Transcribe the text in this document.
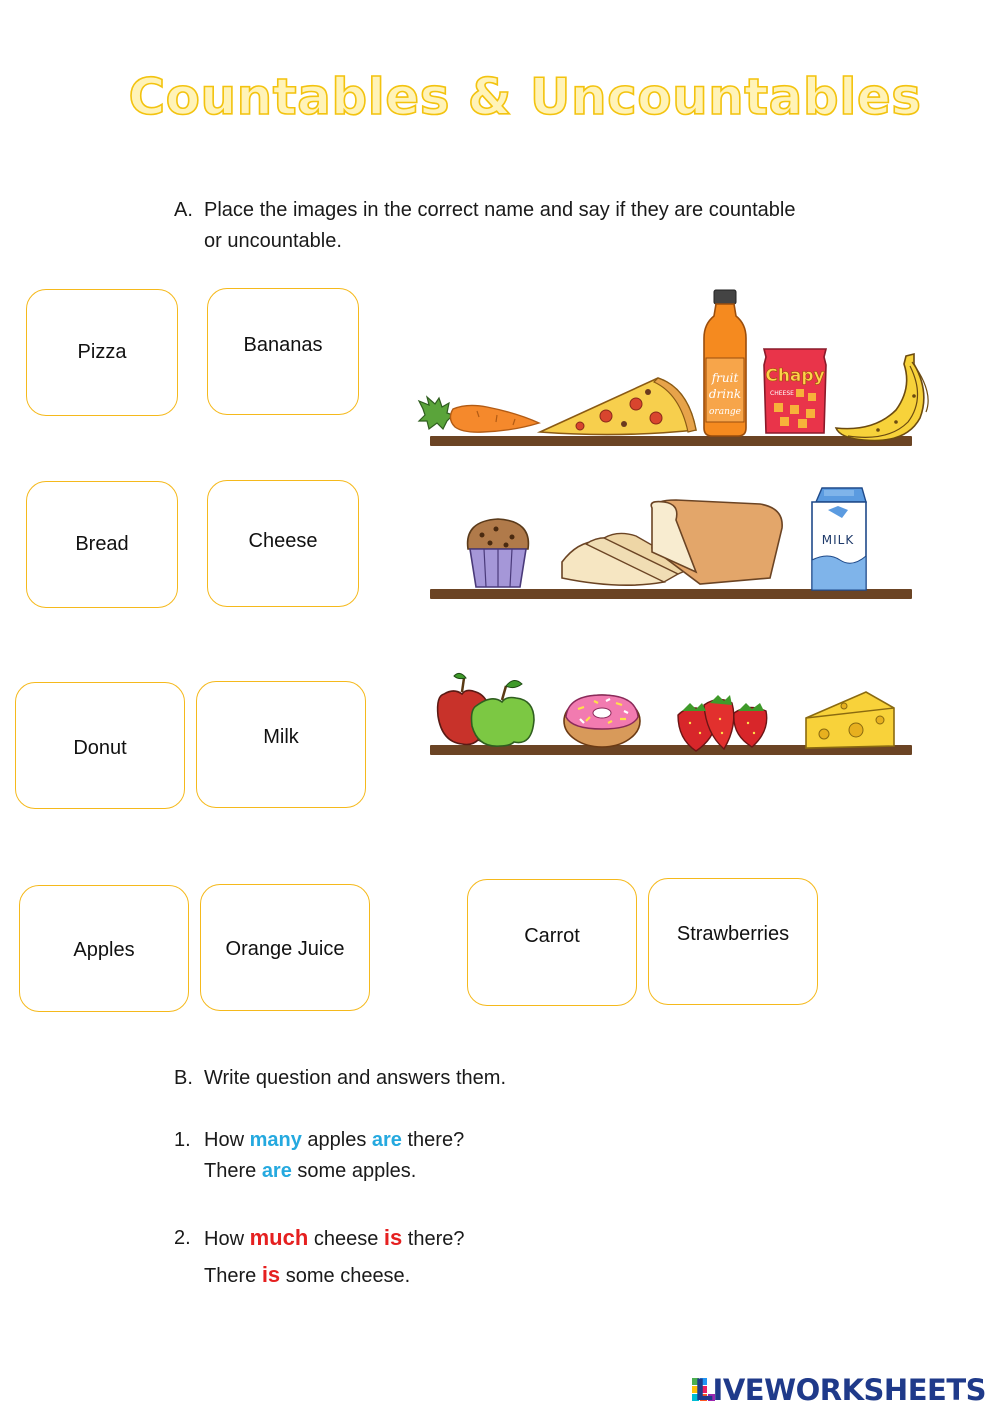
Countables & Uncountables
A. Place the images in the correct name and say if they are countable
or uncountable.
Pizza	Bananas
Bread	Cheese
Donut	Milk
Apples	Orange Juice
Carrot	Strawberries
fruit
drink
orange
Chapy
CHEESE
MILK
B. Write question and answers them.
1. How many apples are there?
There are some apples.
2. How much cheese is there?
There is some cheese.
LIVEWORKSHEETS
